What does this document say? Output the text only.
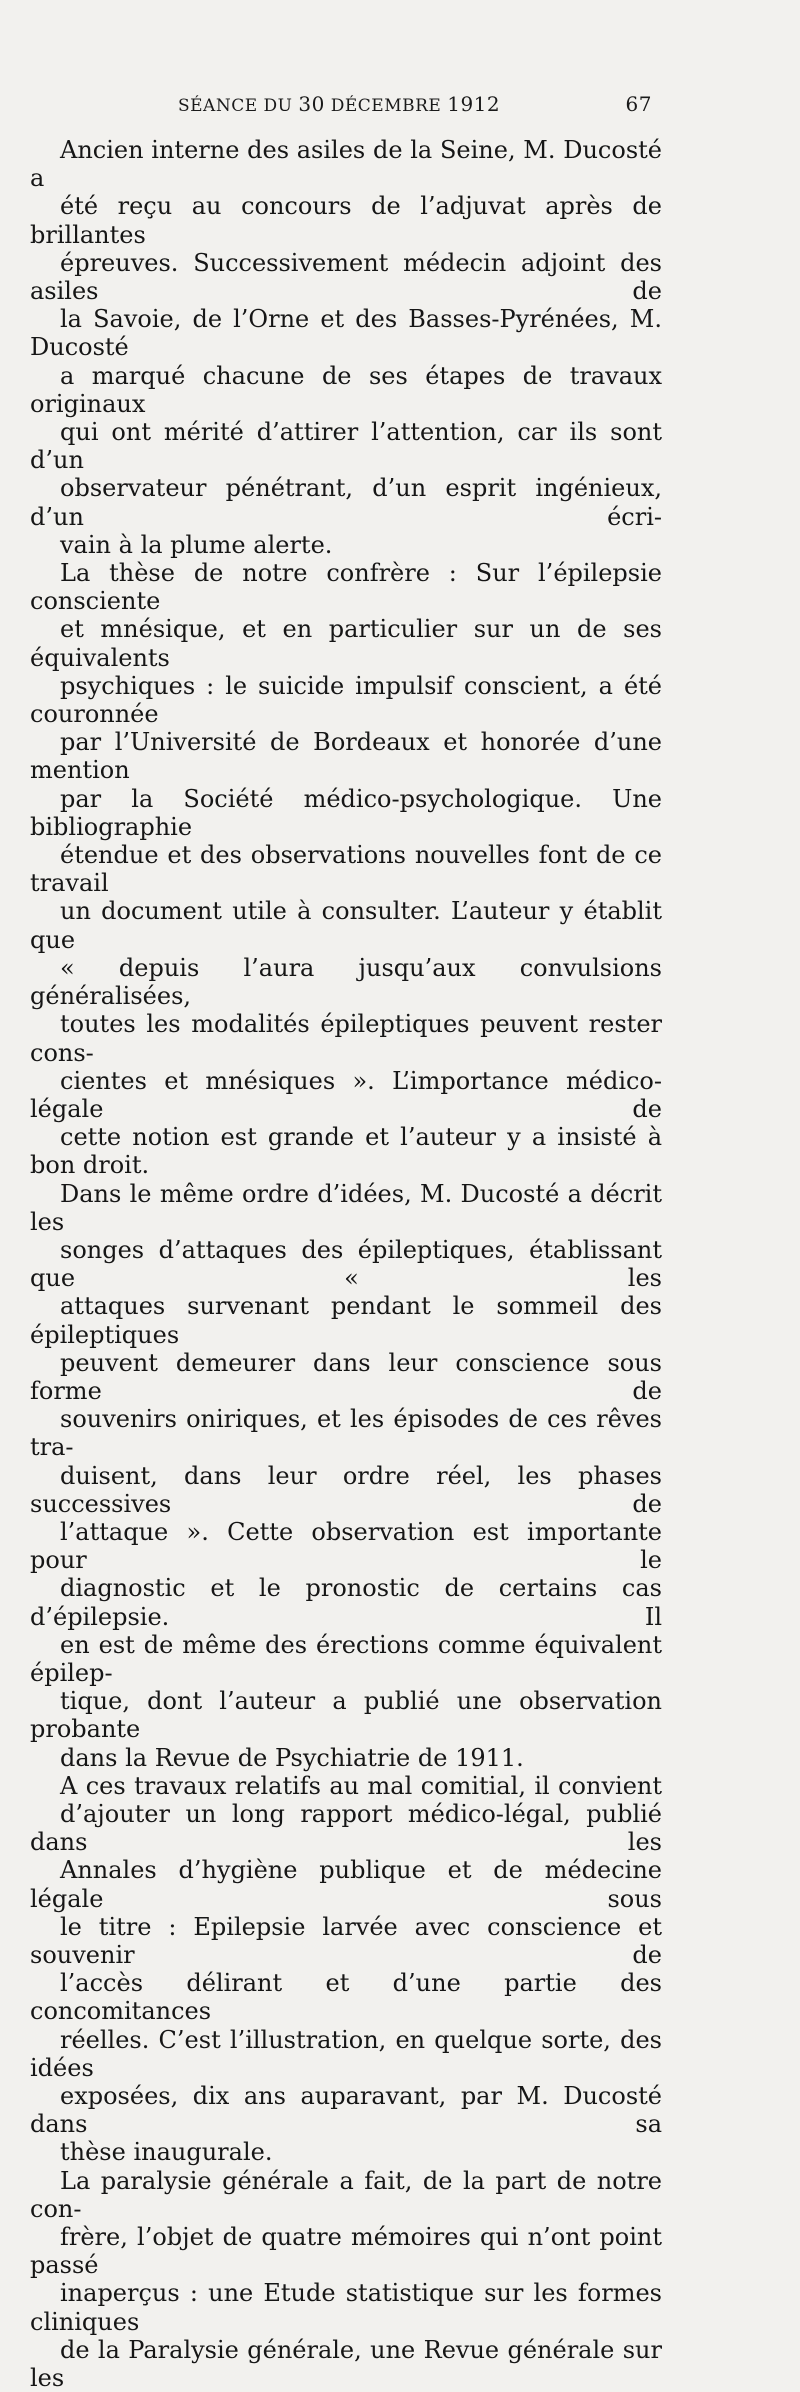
SÉANCE DU 30 DÉCEMBRE 1912	67

Ancien interne des asiles de la Seine, M. Ducosté a
été reçu au concours de l’adjuvat après de brillantes
épreuves. Successivement médecin adjoint des asiles de
la Savoie, de l’Orne et des Basses-Pyrénées, M. Ducosté
a marqué chacune de ses étapes de travaux originaux
qui ont mérité d’attirer l’attention, car ils sont d’un
observateur pénétrant, d’un esprit ingénieux, d’un écri-
vain à la plume alerte.

La thèse de notre confrère : Sur l’épilepsie consciente
et mnésique, et en particulier sur un de ses équivalents
psychiques : le suicide impulsif conscient, a été couronnée
par l’Université de Bordeaux et honorée d’une mention
par la Société médico-psychologique. Une bibliographie
étendue et des observations nouvelles font de ce travail
un document utile à consulter. L’auteur y établit que
« depuis l’aura jusqu’aux convulsions généralisées,
toutes les modalités épileptiques peuvent rester cons-
cientes et mnésiques ». L’importance médico-légale de
cette notion est grande et l’auteur y a insisté à bon droit.

Dans le même ordre d’idées, M. Ducosté a décrit les
songes d’attaques des épileptiques, établissant que « les
attaques survenant pendant le sommeil des épileptiques
peuvent demeurer dans leur conscience sous forme de
souvenirs oniriques, et les épisodes de ces rêves tra-
duisent, dans leur ordre réel, les phases successives de
l’attaque ». Cette observation est importante pour le
diagnostic et le pronostic de certains cas d’épilepsie. Il
en est de même des érections comme équivalent épilep-
tique, dont l’auteur a publié une observation probante
dans la Revue de Psychiatrie de 1911.

A ces travaux relatifs au mal comitial, il convient
d’ajouter un long rapport médico-légal, publié dans les
Annales d’hygiène publique et de médecine légale sous
le titre : Epilepsie larvée avec conscience et souvenir de
l’accès délirant et d’une partie des concomitances
réelles. C’est l’illustration, en quelque sorte, des idées
exposées, dix ans auparavant, par M. Ducosté dans sa
thèse inaugurale.

La paralysie générale a fait, de la part de notre con-
frère, l’objet de quatre mémoires qui n’ont point passé
inaperçus : une Etude statistique sur les formes cliniques
de la Paralysie générale, une Revue générale sur les
